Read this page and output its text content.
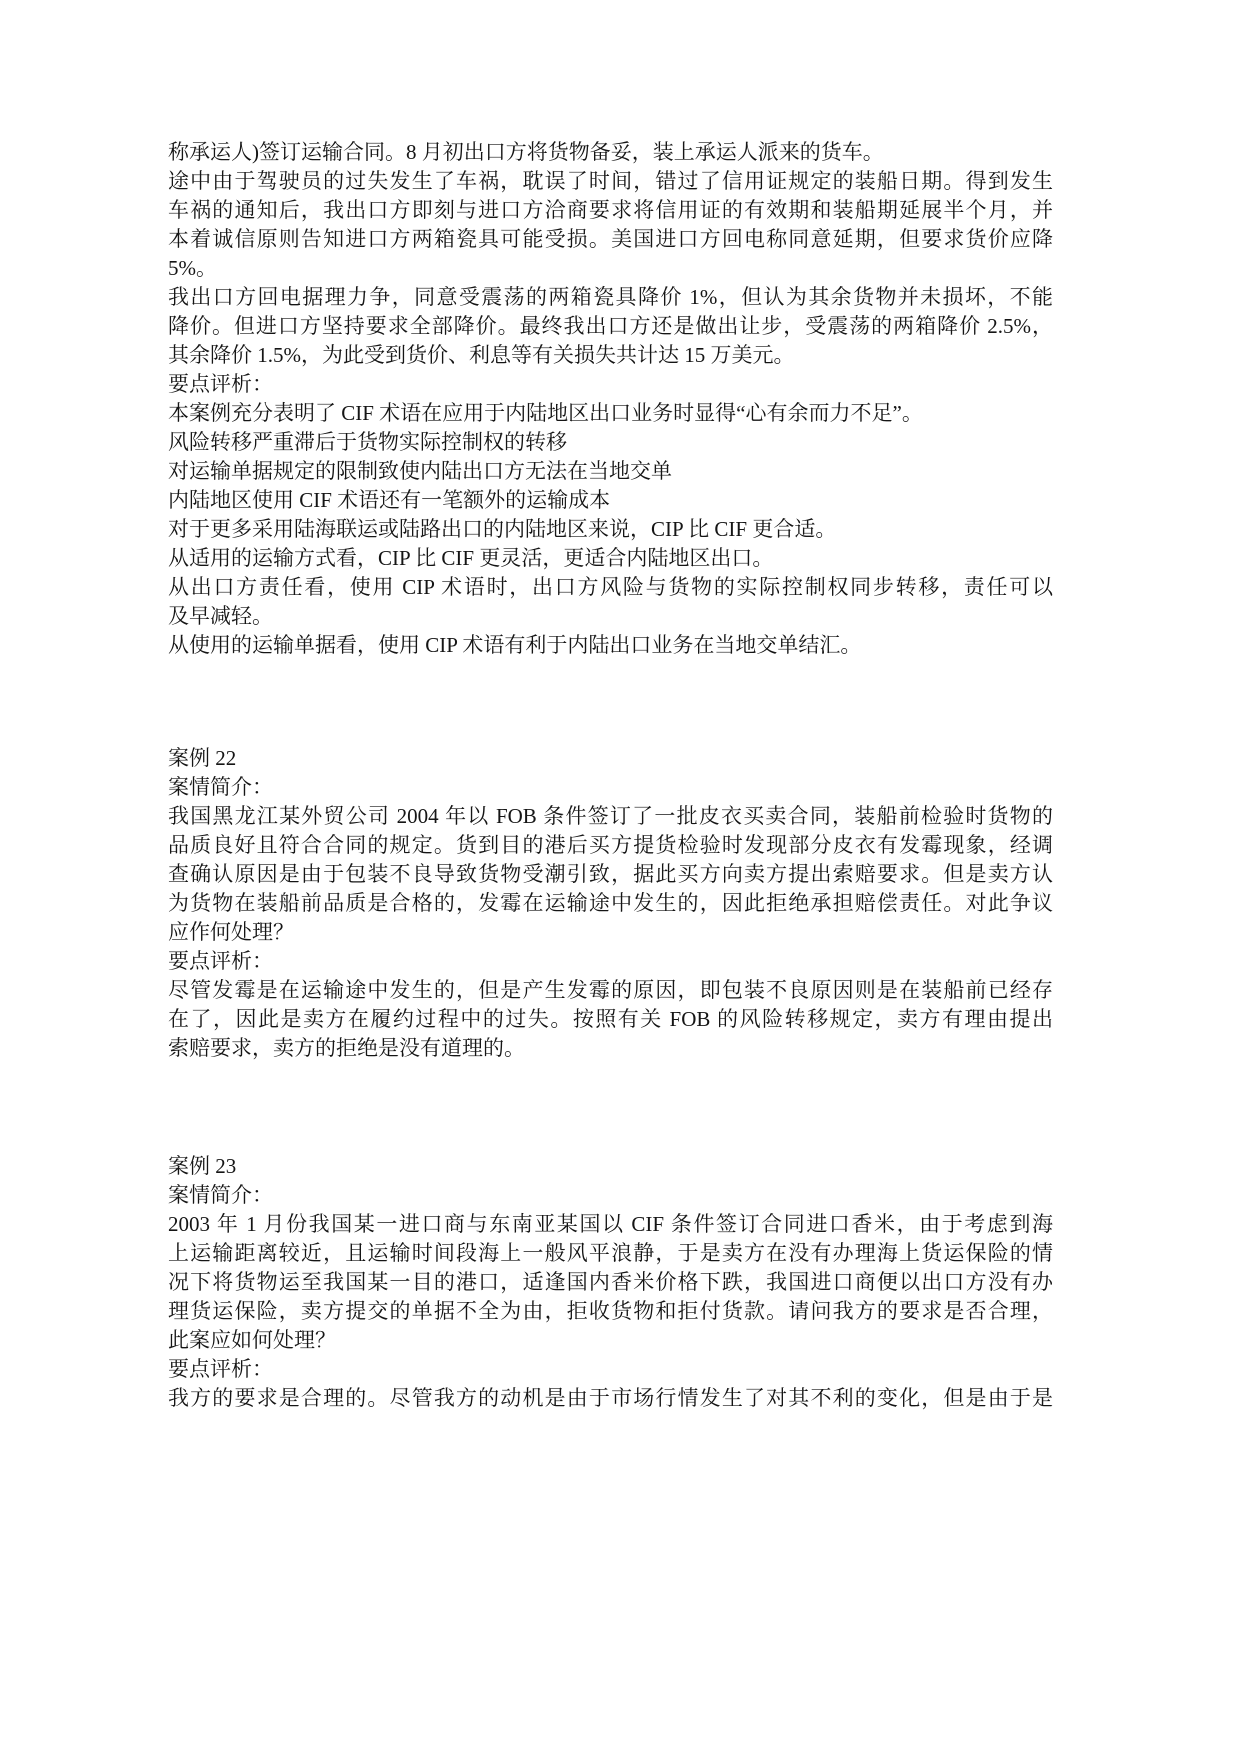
称承运人)签订运输合同。8 月初出口方将货物备妥，装上承运人派来的货车。
途中由于驾驶员的过失发生了车祸，耽误了时间，错过了信用证规定的装船日期。得到发生
车祸的通知后，我出口方即刻与进口方洽商要求将信用证的有效期和装船期延展半个月，并
本着诚信原则告知进口方两箱瓷具可能受损。美国进口方回电称同意延期，但要求货价应降
5%。
我出口方回电据理力争，同意受震荡的两箱瓷具降价 1%，但认为其余货物并未损坏，不能
降价。但进口方坚持要求全部降价。最终我出口方还是做出让步，受震荡的两箱降价 2.5%，
其余降价 1.5%，为此受到货价、利息等有关损失共计达 15 万美元。
要点评析：
本案例充分表明了 CIF 术语在应用于内陆地区出口业务时显得“心有余而力不足”。
风险转移严重滞后于货物实际控制权的转移
对运输单据规定的限制致使内陆出口方无法在当地交单
内陆地区使用 CIF 术语还有一笔额外的运输成本
对于更多采用陆海联运或陆路出口的内陆地区来说，CIP 比 CIF 更合适。
从适用的运输方式看，CIP 比 CIF 更灵活，更适合内陆地区出口。
从出口方责任看，使用 CIP 术语时，出口方风险与货物的实际控制权同步转移，责任可以
及早减轻。
从使用的运输单据看，使用 CIP 术语有利于内陆出口业务在当地交单结汇。
案例 22
案情简介：
我国黑龙江某外贸公司 2004 年以 FOB 条件签订了一批皮衣买卖合同，装船前检验时货物的
品质良好且符合合同的规定。货到目的港后买方提货检验时发现部分皮衣有发霉现象，经调
查确认原因是由于包装不良导致货物受潮引致，据此买方向卖方提出索赔要求。但是卖方认
为货物在装船前品质是合格的，发霉在运输途中发生的，因此拒绝承担赔偿责任。对此争议
应作何处理？
要点评析：
尽管发霉是在运输途中发生的，但是产生发霉的原因，即包装不良原因则是在装船前已经存
在了，因此是卖方在履约过程中的过失。按照有关 FOB 的风险转移规定，卖方有理由提出
索赔要求，卖方的拒绝是没有道理的。
案例 23
案情简介：
2003 年 1 月份我国某一进口商与东南亚某国以 CIF 条件签订合同进口香米，由于考虑到海
上运输距离较近，且运输时间段海上一般风平浪静，于是卖方在没有办理海上货运保险的情
况下将货物运至我国某一目的港口，适逢国内香米价格下跌，我国进口商便以出口方没有办
理货运保险，卖方提交的单据不全为由，拒收货物和拒付货款。请问我方的要求是否合理，
此案应如何处理？
要点评析：
我方的要求是合理的。尽管我方的动机是由于市场行情发生了对其不利的变化，但是由于是
